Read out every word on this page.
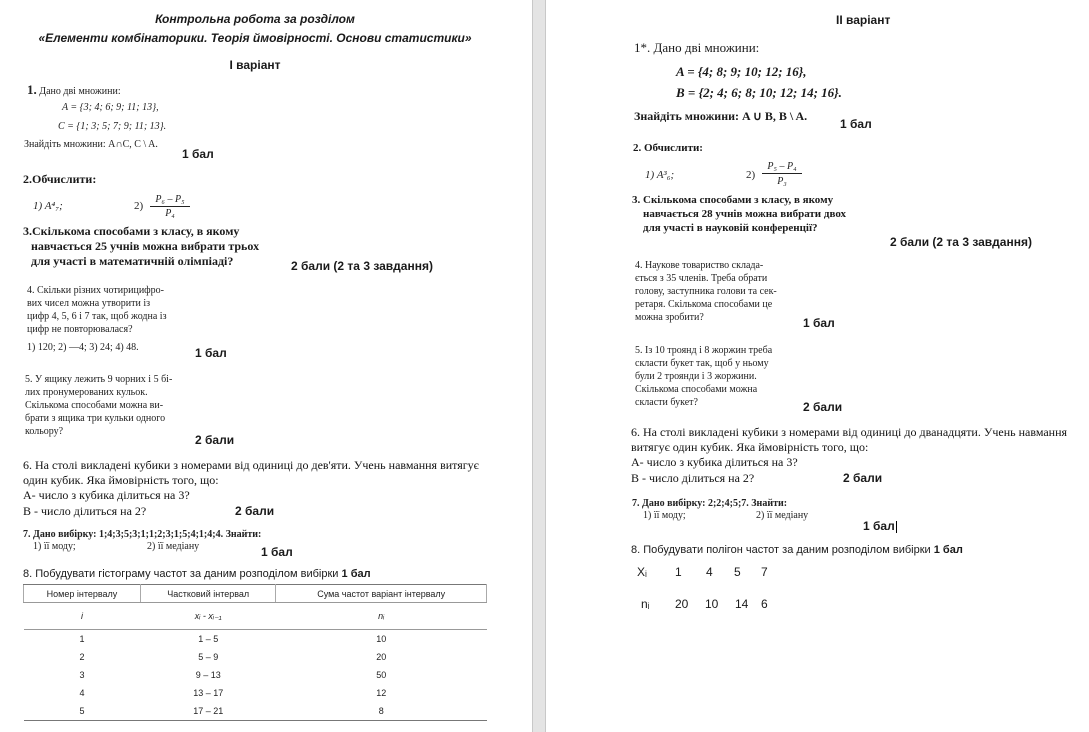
Контрольна робота за розділом
«Елементи комбінаторики. Теорія ймовірності. Основи статистики»
І варіант
1. Дано дві множини:
A = {3; 4; 6; 9; 11; 13},
C = {1; 3; 5; 7; 9; 11; 13}.
Знайдіть множини: A∩C, C \ A.
1 бал
2.Обчислити:
1) A⁴₇;	2)
P₆ – P₅
P₄
3.Скількома способами з класу, в якому
навчається 25 учнів можна вибрати трьох
для участі в математичній олімпіаді?	2 бали (2 та 3 завдання)
4. Скільки різних чотирицифро-
вих чисел можна утворити із
цифр 4, 5, 6 і 7 так, щоб жодна із
цифр не повторювалася?
1) 120; 2) —4; 3) 24; 4) 48.	1 бал
5. У ящику лежить 9 чорних і 5 бі-
лих пронумерованих кульок.
Скількома способами можна ви-
брати з ящика три кульки одного
кольору?
2 бали
6. На столі викладені кубики з номерами від одиниці до дев'яти. Учень навмання витягує
один кубик. Яка ймовірність того, що:
А- число з кубика ділиться на 3?
В - число ділиться на 2?	2 бали
7. Дано вибірку: 1;4;3;5;3;1;1;2;3;1;5;4;1;4;4. Знайти:
1) її моду;	2) її медіану	1 бал
8. Побудувати гістограму частот за даним розподілом вибірки 1 бал
Номер інтервалу	Частковий інтервал	Сума частот варіант інтервалу
i	xᵢ - xᵢ₋₁	nᵢ
1	1 – 5	10
2	5 – 9	20
3	9 – 13	50
4	13 – 17	12
5	17 – 21	8
ІІ варіант
1*. Дано дві множини:
A = {4; 8; 9; 10; 12; 16},
B = {2; 4; 6; 8; 10; 12; 14; 16}.
Знайдіть множини: A ∪ B, B \ A.
1 бал
2. Обчислити:
1) A³₆;	2)
P₅ – P₄
P₃
3. Скількома способами з класу, в якому
навчається 28 учнів можна вибрати двох
для участі в науковій конференції?
2 бали (2 та 3 завдання)
4. Наукове товариство склада-
ється з 35 членів. Треба обрати
голову, заступника голови та сек-
ретаря. Скількома способами це
можна зробити?	1 бал
5. Із 10 троянд і 8 жоржин треба
скласти букет так, щоб у ньому
були 2 троянди і 3 жоржини.
Скількома способами можна
скласти букет?	2 бали
6. На столі викладені кубики з номерами від одиниці до дванадцяти. Учень навмання
витягує один кубик. Яка ймовірність того, що:
А- число з кубика ділиться на 3?
В - число ділиться на 2?	2 бали
7. Дано вибірку: 2;2;4;5;7. Знайти:
1) її моду;	2) її медіану
1 бал
8. Побудувати полігон частот за даним розподілом вибірки 1 бал
Xᵢ 1 4 5 7
nᵢ 20 10 14 6
